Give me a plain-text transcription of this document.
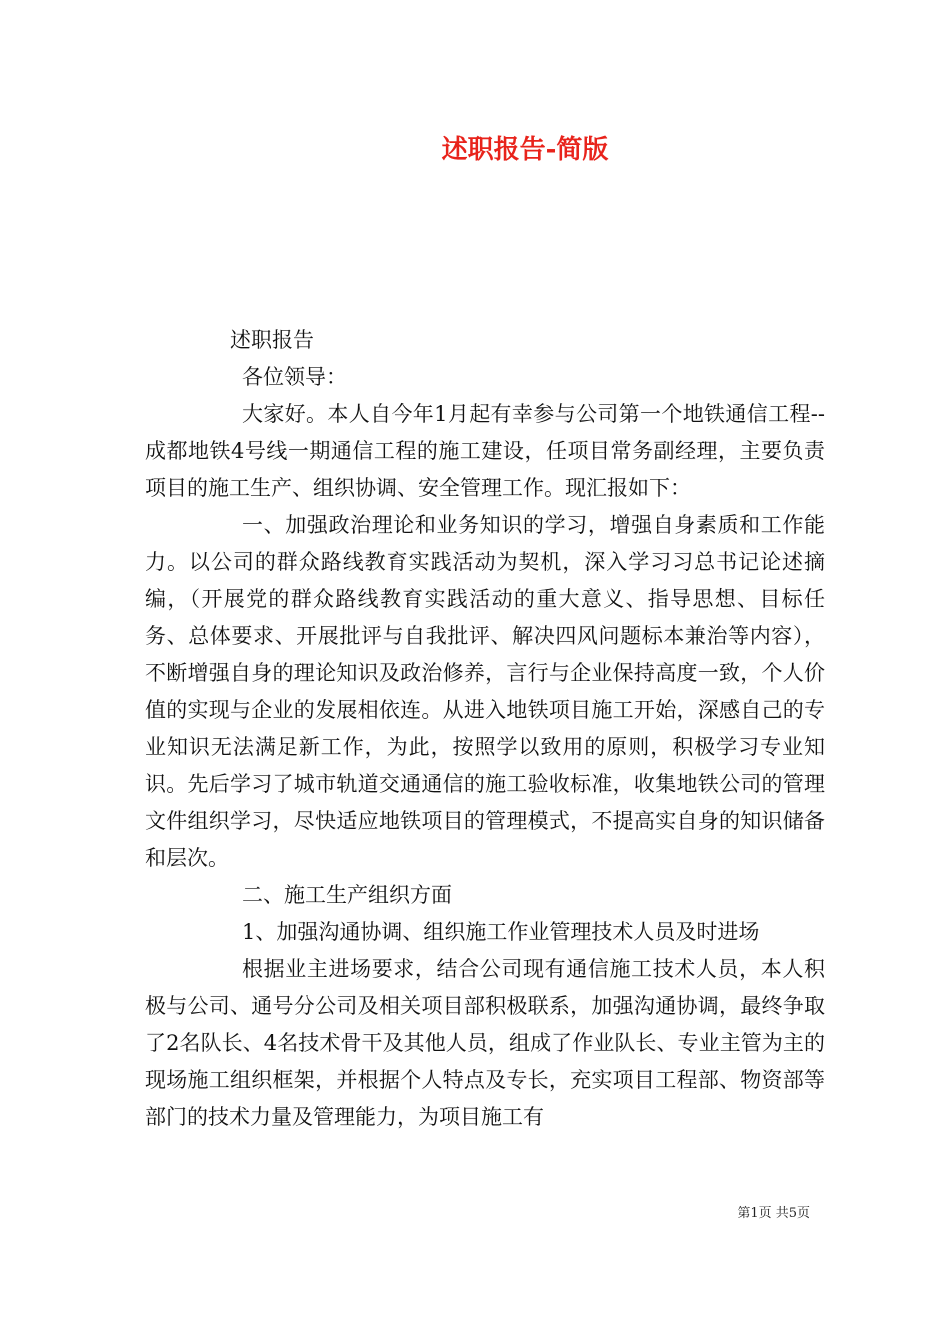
述职报告-简版

述职报告

各位领导：

大家好。本人自今年1月起有幸参与公司第一个地铁通信工程--成都地铁4号线一期通信工程的施工建设，任项目常务副经理，主要负责项目的施工生产、组织协调、安全管理工作。现汇报如下：

一、加强政治理论和业务知识的学习，增强自身素质和工作能力。以公司的群众路线教育实践活动为契机，深入学习习总书记论述摘编，（开展党的群众路线教育实践活动的重大意义、指导思想、目标任务、总体要求、开展批评与自我批评、解决四风问题标本兼治等内容），不断增强自身的理论知识及政治修养，言行与企业保持高度一致，个人价值的实现与企业的发展相依连。从进入地铁项目施工开始，深感自己的专业知识无法满足新工作，为此，按照学以致用的原则，积极学习专业知识。先后学习了城市轨道交通通信的施工验收标准，收集地铁公司的管理文件组织学习，尽快适应地铁项目的管理模式，不提高实自身的知识储备和层次。

二、施工生产组织方面

1、加强沟通协调、组织施工作业管理技术人员及时进场

根据业主进场要求，结合公司现有通信施工技术人员，本人积极与公司、通号分公司及相关项目部积极联系，加强沟通协调，最终争取了2名队长、4名技术骨干及其他人员，组成了作业队长、专业主管为主的现场施工组织框架，并根据个人特点及专长，充实项目工程部、物资部等部门的技术力量及管理能力，为项目施工有

第1页 共5页
